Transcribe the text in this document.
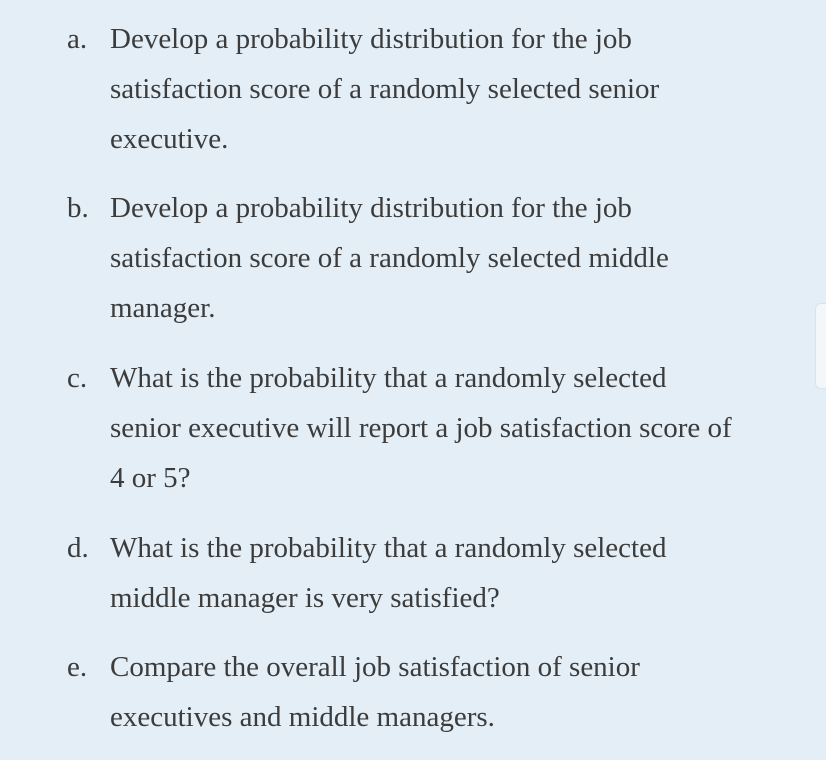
a. Develop a probability distribution for the job
satisfaction score of a randomly selected senior
executive.
b. Develop a probability distribution for the job
satisfaction score of a randomly selected middle
manager.
c. What is the probability that a randomly selected
senior executive will report a job satisfaction score of
4 or 5?
d. What is the probability that a randomly selected
middle manager is very satisfied?
e. Compare the overall job satisfaction of senior
executives and middle managers.
